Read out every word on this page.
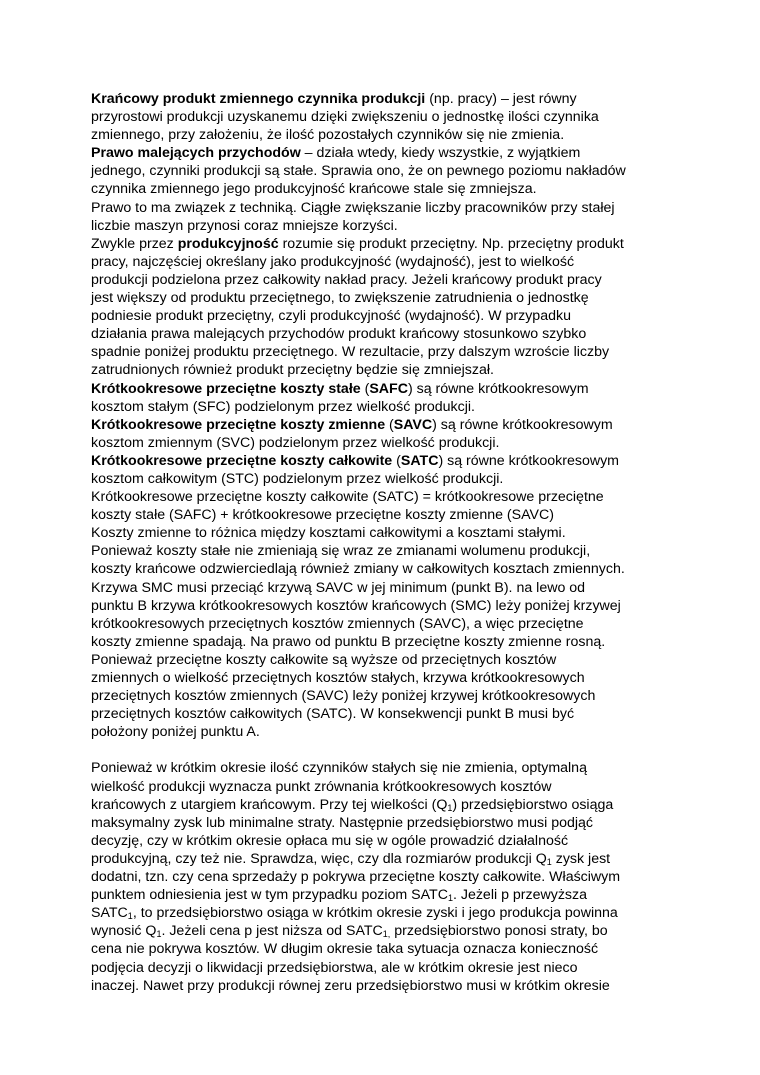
Krańcowy produkt zmiennego czynnika produkcji (np. pracy) – jest równy
przyrostowi produkcji uzyskanemu dzięki zwiększeniu o jednostkę ilości czynnika
zmiennego, przy założeniu, że ilość pozostałych czynników się nie zmienia.
Prawo malejących przychodów – działa wtedy, kiedy wszystkie, z wyjątkiem
jednego, czynniki produkcji są stałe. Sprawia ono, że on pewnego poziomu nakładów
czynnika zmiennego jego produkcyjność krańcowe stale się zmniejsza.
Prawo to ma związek z techniką. Ciągłe zwiększanie liczby pracowników przy stałej
liczbie maszyn przynosi coraz mniejsze korzyści.
Zwykle przez produkcyjność rozumie się produkt przeciętny. Np. przeciętny produkt
pracy, najczęściej określany jako produkcyjność (wydajność), jest to wielkość
produkcji podzielona przez całkowity nakład pracy. Jeżeli krańcowy produkt pracy
jest większy od produktu przeciętnego, to zwiększenie zatrudnienia o jednostkę
podniesie produkt przeciętny, czyli produkcyjność (wydajność). W przypadku
działania prawa malejących przychodów produkt krańcowy stosunkowo szybko
spadnie poniżej produktu przeciętnego. W rezultacie, przy dalszym wzroście liczby
zatrudnionych również produkt przeciętny będzie się zmniejszał.
Krótkookresowe przeciętne koszty stałe (SAFC) są równe krótkookresowym
kosztom stałym (SFC) podzielonym przez wielkość produkcji.
Krótkookresowe przeciętne koszty zmienne (SAVC) są równe krótkookresowym
kosztom zmiennym (SVC) podzielonym przez wielkość produkcji.
Krótkookresowe przeciętne koszty całkowite (SATC) są równe krótkookresowym
kosztom całkowitym (STC) podzielonym przez wielkość produkcji.
Krótkookresowe przeciętne koszty całkowite (SATC) = krótkookresowe przeciętne
koszty stałe (SAFC) + krótkookresowe przeciętne koszty zmienne (SAVC)
Koszty zmienne to różnica między kosztami całkowitymi a kosztami stałymi.
Ponieważ koszty stałe nie zmieniają się wraz ze zmianami wolumenu produkcji,
koszty krańcowe odzwierciedlają również zmiany w całkowitych kosztach zmiennych.
Krzywa SMC musi przeciąć krzywą SAVC w jej minimum (punkt B). na lewo od
punktu B krzywa krótkookresowych kosztów krańcowych (SMC) leży poniżej krzywej
krótkookresowych przeciętnych kosztów zmiennych (SAVC), a więc przeciętne
koszty zmienne spadają. Na prawo od punktu B przeciętne koszty zmienne rosną.
Ponieważ przeciętne koszty całkowite są wyższe od przeciętnych kosztów
zmiennych o wielkość przeciętnych kosztów stałych, krzywa krótkookresowych
przeciętnych kosztów zmiennych (SAVC) leży poniżej krzywej krótkookresowych
przeciętnych kosztów całkowitych (SATC). W konsekwencji punkt B musi być
położony poniżej punktu A.
Ponieważ w krótkim okresie ilość czynników stałych się nie zmienia, optymalną
wielkość produkcji wyznacza punkt zrównania krótkookresowych kosztów
krańcowych z utargiem krańcowym. Przy tej wielkości $(Q_1)$ przedsiębiorstwo osiąga
maksymalny zysk lub minimalne straty. Następnie przedsiębiorstwo musi podjąć
decyzję, czy w krótkim okresie opłaca mu się w ogóle prowadzić działalność
produkcyjną, czy też nie. Sprawdza, więc, czy dla rozmiarów produkcji $Q_1$ zysk jest
dodatni, tzn. czy cena sprzedaży p pokrywa przeciętne koszty całkowite. Właściwym
punktem odniesienia jest w tym przypadku poziom $SATC_1$. Jeżeli p przewyższa
$SATC_1$, to przedsiębiorstwo osiąga w krótkim okresie zyski i jego produkcja powinna
wynosić $Q_1$. Jeżeli cena p jest niższa od $SATC_{1,}$ przedsiębiorstwo ponosi straty, bo
cena nie pokrywa kosztów. W długim okresie taka sytuacja oznacza konieczność
podjęcia decyzji o likwidacji przedsiębiorstwa, ale w krótkim okresie jest nieco
inaczej. Nawet przy produkcji równej zeru przedsiębiorstwo musi w krótkim okresie
